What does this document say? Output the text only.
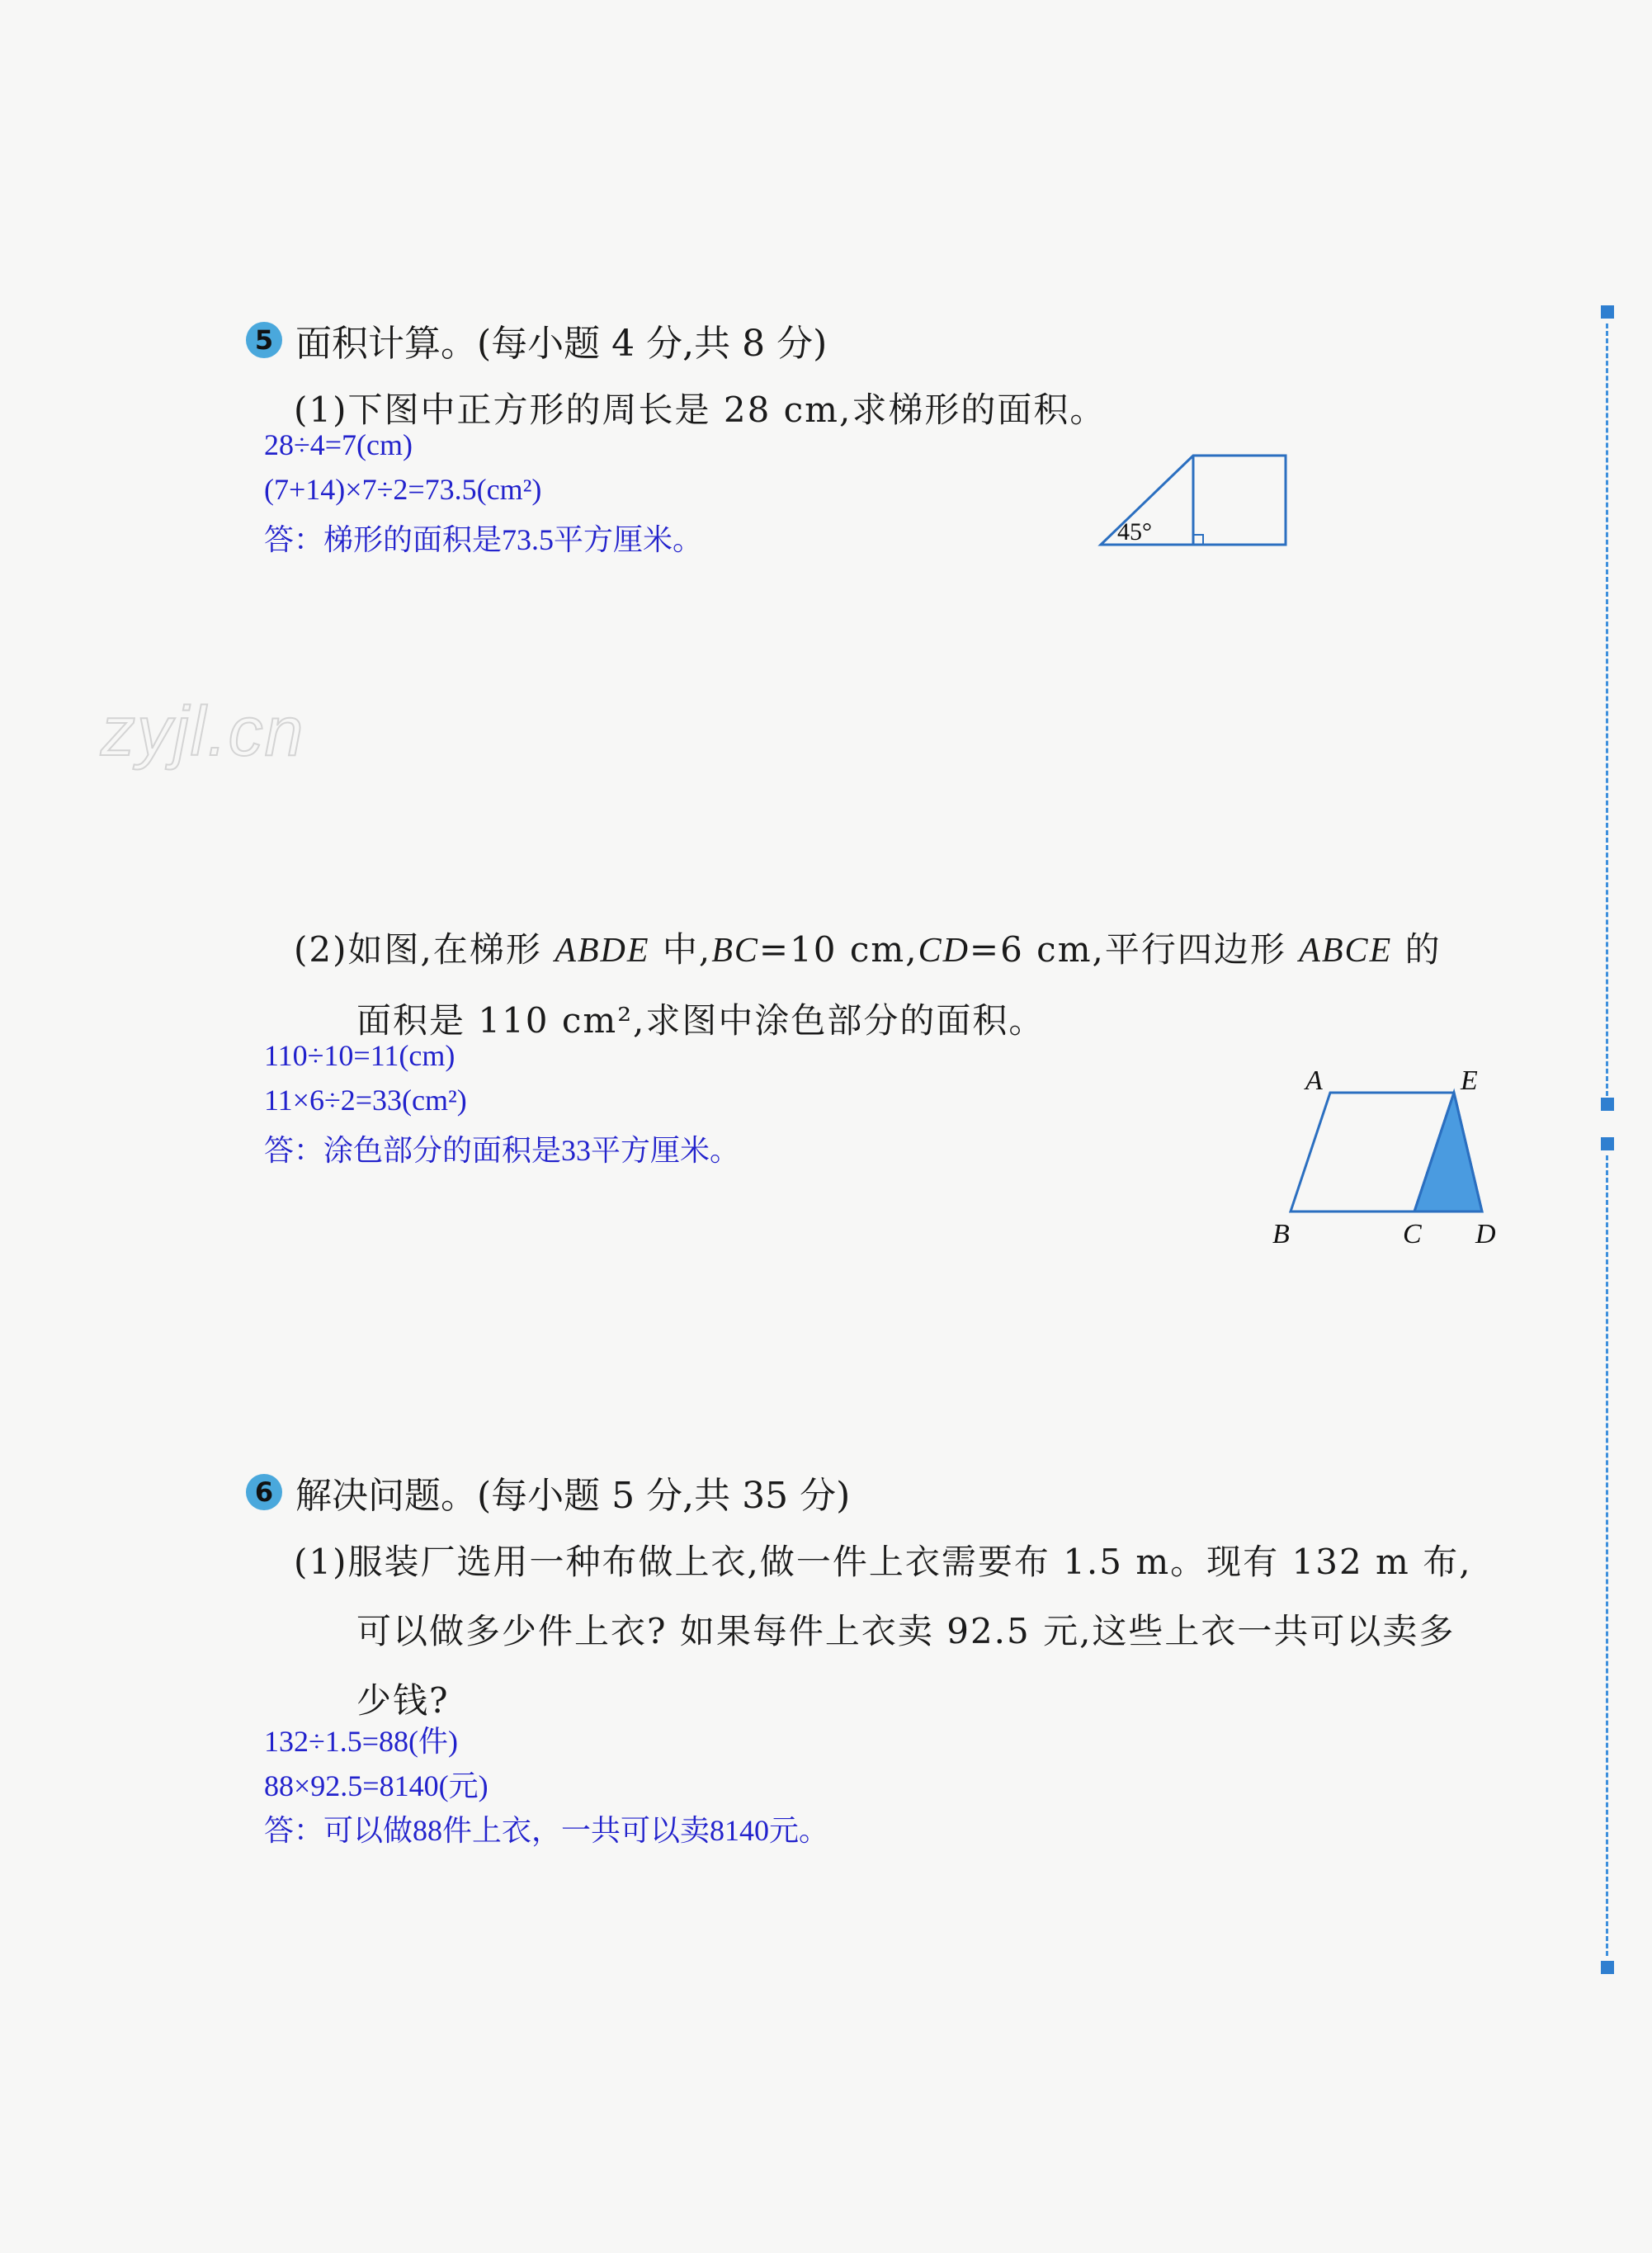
zyjl.cn
5 面积计算。(每小题 4 分,共 8 分)
(1)下图中正方形的周长是 28 cm,求梯形的面积。
28÷4=7(cm)
(7+14)×7÷2=73.5(cm²)
答：梯形的面积是73.5平方厘米。	45°
(2)如图,在梯形 ABDE 中,BC=10 cm,CD=6 cm,平行四边形 ABCE 的
面积是 110 cm²,求图中涂色部分的面积。
110÷10=11(cm)
11×6÷2=33(cm²)
答：涂色部分的面积是33平方厘米。
A	E
B	C D
6 解决问题。(每小题 5 分,共 35 分)
(1)服装厂选用一种布做上衣,做一件上衣需要布 1.5 m。现有 132 m 布,
可以做多少件上衣? 如果每件上衣卖 92.5 元,这些上衣一共可以卖多
少钱?
132÷1.5=88(件)
88×92.5=8140(元)
答：可以做88件上衣，一共可以卖8140元。
